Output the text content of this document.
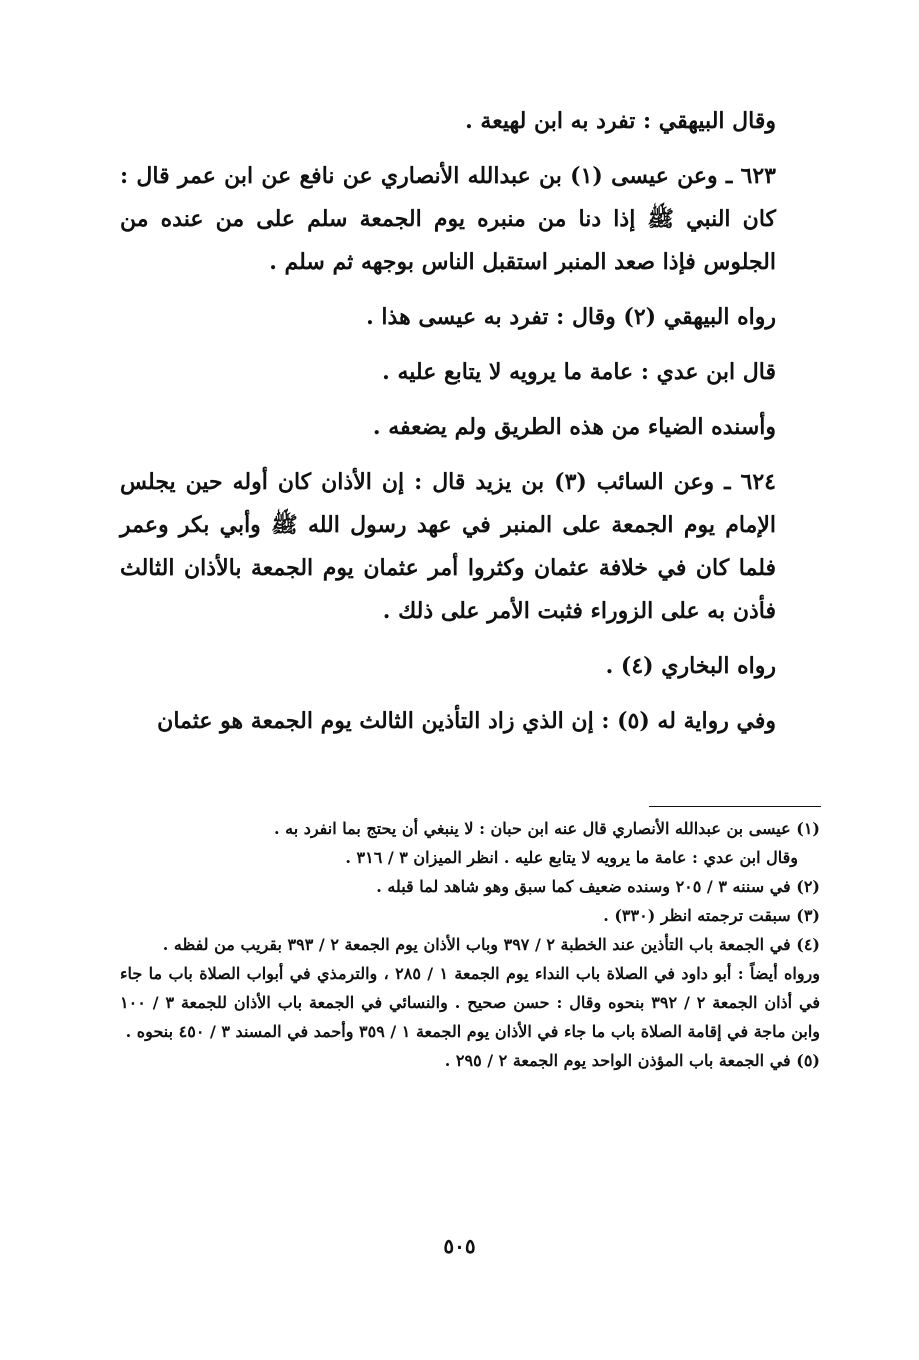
وقال البيهقي : تفرد به ابن لهيعة .

٦٢٣ ـ وعن عيسى (١) بن عبدالله الأنصاري عن نافع عن ابن عمر قال : كان النبي ﷺ إذا دنا من منبره يوم الجمعة سلم على من عنده من الجلوس فإذا صعد المنبر استقبل الناس بوجهه ثم سلم .

رواه البيهقي (٢) وقال : تفرد به عيسى هذا .

قال ابن عدي : عامة ما يرويه لا يتابع عليه .

وأسنده الضياء من هذه الطريق ولم يضعفه .

٦٢٤ ـ وعن السائب (٣) بن يزيد قال : إن الأذان كان أوله حين يجلس الإمام يوم الجمعة على المنبر في عهد رسول الله ﷺ وأبي بكر وعمر فلما كان في خلافة عثمان وكثروا أمر عثمان يوم الجمعة بالأذان الثالث فأذن به على الزوراء فثبت الأمر على ذلك .

رواه البخاري (٤) .

وفي رواية له (٥) : إن الذي زاد التأذين الثالث يوم الجمعة هو عثمان

(١) عيسى بن عبدالله الأنصاري قال عنه ابن حبان : لا ينبغي أن يحتج بما انفرد به .

وقال ابن عدي : عامة ما يرويه لا يتابع عليه . انظر الميزان ٣ / ٣١٦ .

(٢) في سننه ٣ / ٢٠٥ وسنده ضعيف كما سبق وهو شاهد لما قبله .

(٣) سبقت ترجمته انظر (٣٣٠) .

(٤) في الجمعة باب التأذين عند الخطبة ٢ / ٣٩٧ وباب الأذان يوم الجمعة ٢ / ٣٩٣ بقريب من لفظه .

ورواه أيضاً : أبو داود في الصلاة باب النداء يوم الجمعة ١ / ٢٨٥ ، والترمذي في أبواب الصلاة باب ما جاء في أذان الجمعة ٢ / ٣٩٢ بنحوه وقال : حسن صحيح . والنسائي في الجمعة باب الأذان للجمعة ٣ / ١٠٠ وابن ماجة في إقامة الصلاة باب ما جاء في الأذان يوم الجمعة ١ / ٣٥٩ وأحمد في المسند ٣ / ٤٥٠ بنحوه .

(٥) في الجمعة باب المؤذن الواحد يوم الجمعة ٢ / ٢٩٥ .

٥٠٥
